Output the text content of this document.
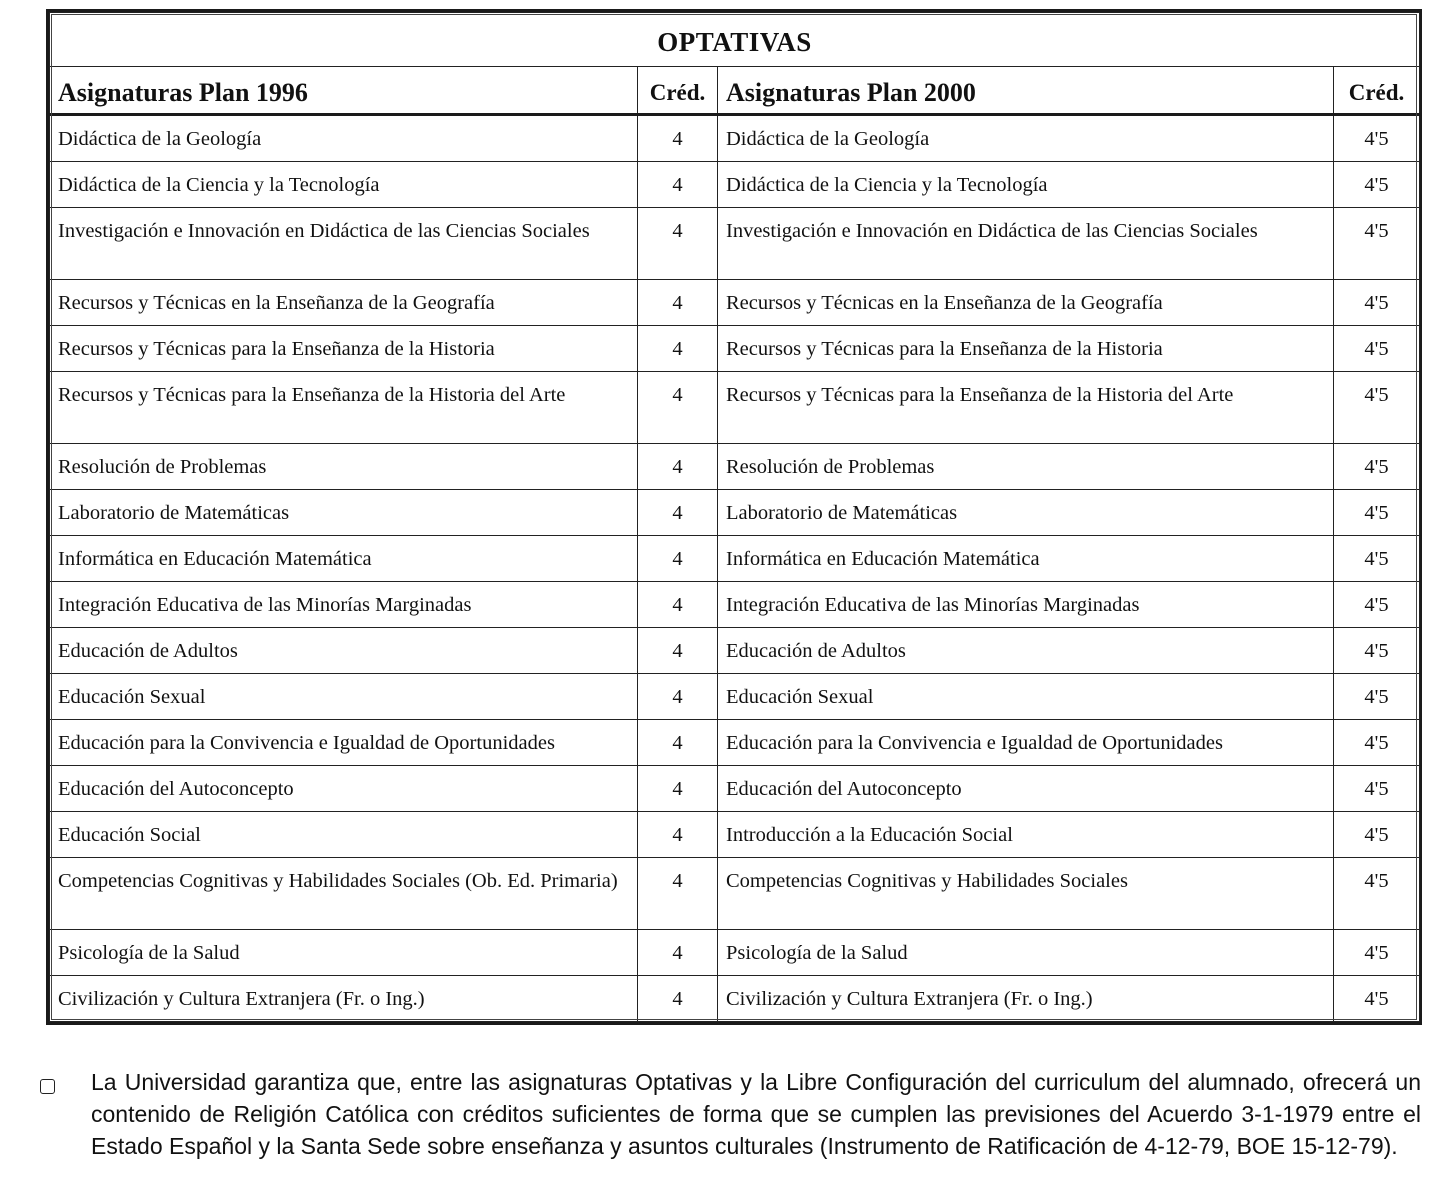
OPTATIVAS			
Asignaturas Plan 1996	Créd.	Asignaturas Plan 2000	Créd.
Didáctica de la Geología	4	Didáctica de la Geología	4'5
Didáctica de la Ciencia y la Tecnología	4	Didáctica de la Ciencia y la Tecnología	4'5
Investigación e Innovación en Didáctica de las Ciencias Sociales	4	Investigación e Innovación en Didáctica de las Ciencias Sociales	4'5
Recursos y Técnicas en la Enseñanza de la Geografía	4	Recursos y Técnicas en la Enseñanza de la Geografía	4'5
Recursos y Técnicas para la Enseñanza de la Historia	4	Recursos y Técnicas para la Enseñanza de la Historia	4'5
Recursos y Técnicas para la Enseñanza de la Historia del Arte	4	Recursos y Técnicas para la Enseñanza de la Historia del Arte	4'5
Resolución de Problemas	4	Resolución de Problemas	4'5
Laboratorio de Matemáticas	4	Laboratorio de Matemáticas	4'5
Informática en Educación Matemática	4	Informática en Educación Matemática	4'5
Integración Educativa de las Minorías Marginadas	4	Integración Educativa de las Minorías Marginadas	4'5
Educación de Adultos	4	Educación de Adultos	4'5
Educación Sexual	4	Educación Sexual	4'5
Educación para la Convivencia e Igualdad de Oportunidades	4	Educación para la Convivencia e Igualdad de Oportunidades	4'5
Educación del Autoconcepto	4	Educación del Autoconcepto	4'5
Educación Social	4	Introducción a la Educación Social	4'5
Competencias Cognitivas y Habilidades Sociales (Ob. Ed. Primaria)	4	Competencias Cognitivas y Habilidades Sociales	4'5
Psicología de la Salud	4	Psicología de la Salud	4'5
Civilización y Cultura Extranjera (Fr. o Ing.)	4	Civilización y Cultura Extranjera (Fr. o Ing.)	4'5
La Universidad garantiza que, entre las asignaturas Optativas y la Libre Configuración del curriculum del alumnado, ofrecerá un contenido de Religión Católica con créditos suficientes de forma que se cumplen las previsiones del Acuerdo 3-1-1979 entre el Estado Español y la Santa Sede sobre enseñanza y asuntos culturales (Instrumento de Ratificación de 4-12-79, BOE 15-12-79).
